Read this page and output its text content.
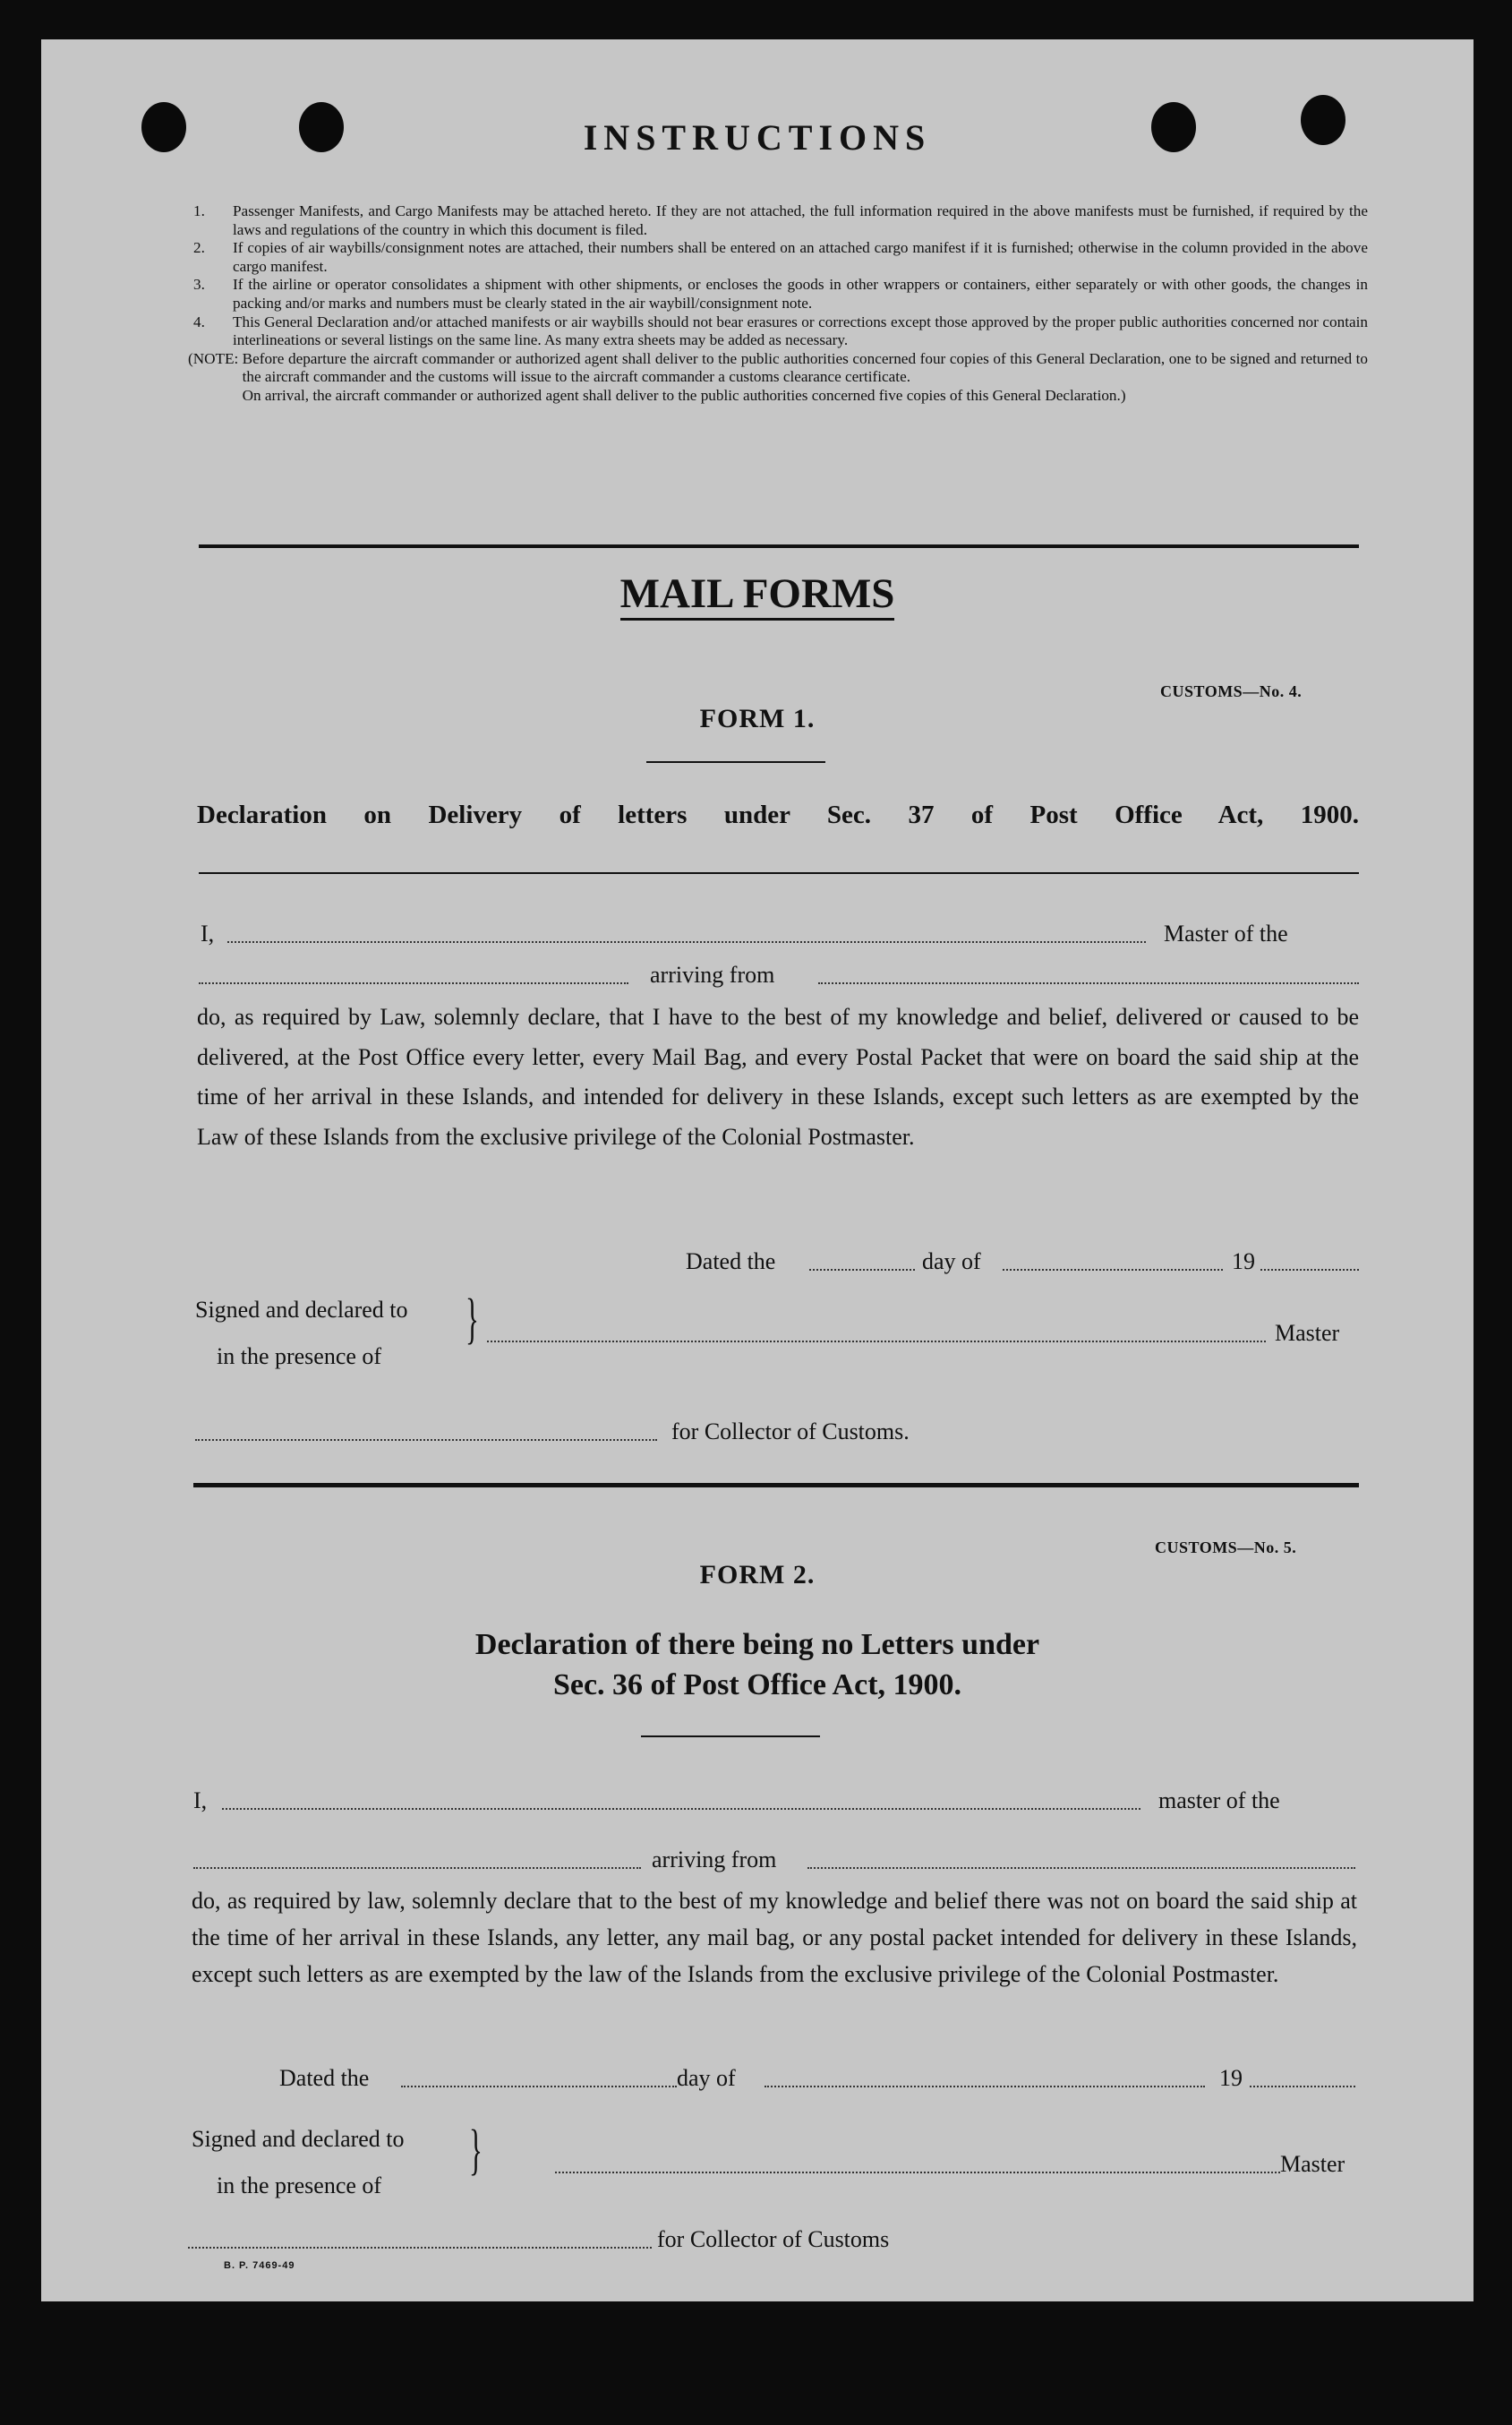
INSTRUCTIONS
1.	Passenger Manifests, and Cargo Manifests may be attached hereto. If they are not attached, the full information required in the above manifests must be furnished, if required by the laws and regulations of the country in which this document is filed.
2.	If copies of air waybills/consignment notes are attached, their numbers shall be entered on an attached cargo manifest if it is furnished; otherwise in the column provided in the above cargo manifest.
3.	If the airline or operator consolidates a shipment with other shipments, or encloses the goods in other wrappers or containers, either separately or with other goods, the changes in packing and/or marks and numbers must be clearly stated in the air waybill/consignment note.
4.	This General Declaration and/or attached manifests or air waybills should not bear erasures or corrections except those approved by the proper public authorities concerned nor contain interlineations or several listings on the same line. As many extra sheets may be added as necessary.
(NOTE: Before departure the aircraft commander or authorized agent shall deliver to the public authorities concerned four copies of this General Declaration, one to be signed and returned to the aircraft commander and the customs will issue to the aircraft commander a customs clearance certificate.
On arrival, the aircraft commander or authorized agent shall deliver to the public authorities concerned five copies of this General Declaration.)
MAIL FORMS
CUSTOMS—No. 4.
FORM 1.
Declaration on Delivery of letters under Sec. 37 of Post Office Act, 1900.
I,	Master of the
arriving from
do, as required by Law, solemnly declare, that I have to the best of my knowledge and belief, delivered or caused to be delivered, at the Post Office every letter, every Mail Bag, and every Postal Packet that were on board the said ship at the time of her arrival in these Islands, and intended for delivery in these Islands, except such letters as are exempted by the Law of these Islands from the exclusive privilege of the Colonial Postmaster.
Dated the	day of	19
Signed and declared to
in the presence of
}	Master
for Collector of Customs.
CUSTOMS—No. 5.
FORM 2.
Declaration of there being no Letters under
Sec. 36 of Post Office Act, 1900.
I,	master of the
arriving from
do, as required by law, solemnly declare that to the best of my knowledge and belief there was not on board the said ship at the time of her arrival in these Islands, any letter, any mail bag, or any postal packet intended for delivery in these Islands, except such letters as are exempted by the law of the Islands from the exclusive privilege of the Colonial Postmaster.
Dated the	day of	19
Signed and declared to
in the presence of
}	Master
for Collector of Customs
B. P. 7469-49
